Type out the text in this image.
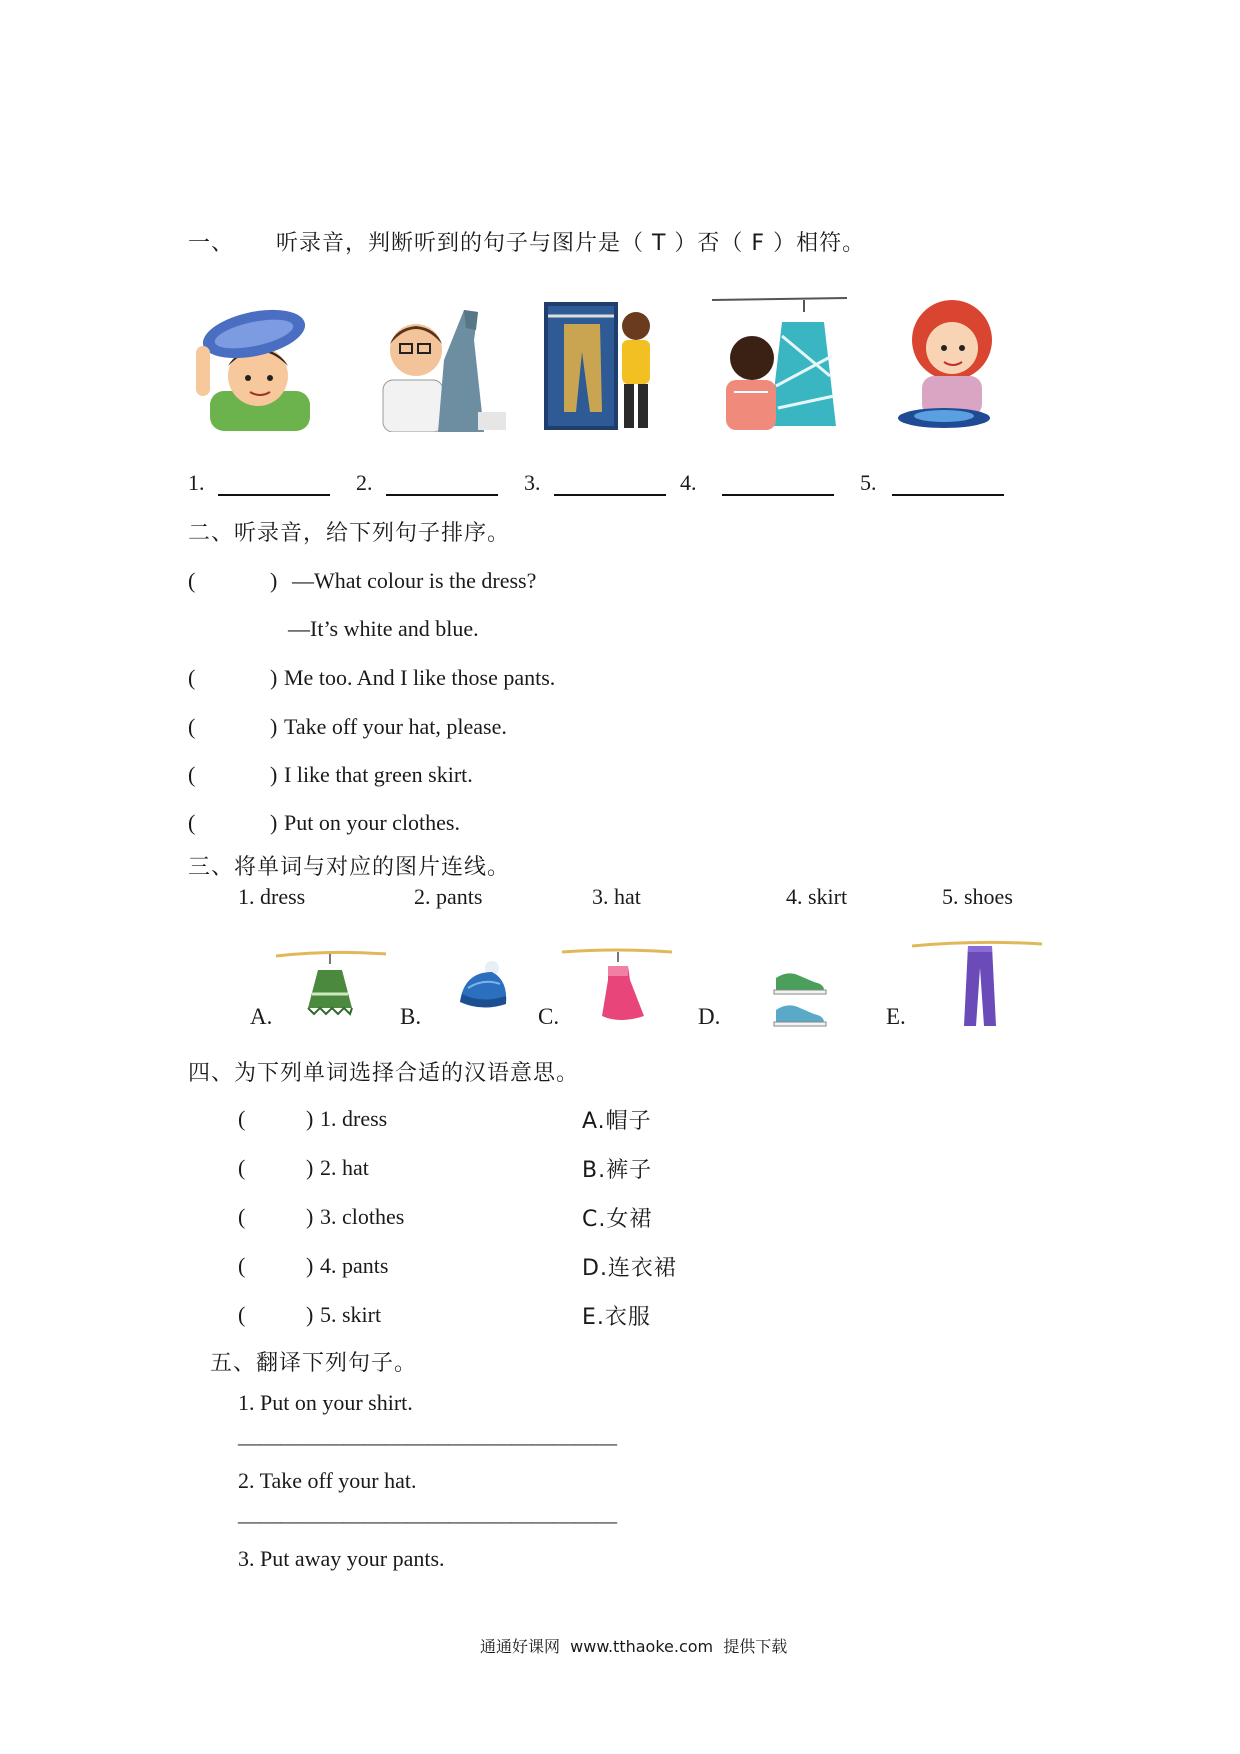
一、 听录音，判断听到的句子与图片是（ T ）否（ F ）相符。
1.	2.	3.	4.	5.
二、听录音，给下列句子排序。
(	) —What colour is the dress?
—It’s white and blue.
(	) Me too. And I like those pants.
(	) Take off your hat, please.
(	) I like that green skirt.
(	) Put on your clothes.
三、将单词与对应的图片连线。
1. dress	2. pants	3. hat	4. skirt	5. shoes
A.	B.	C.	D.	E.
四、为下列单词选择合适的汉语意思。
(	) 1. dress	A.帽子
(	) 2. hat	B.裤子
(	) 3. clothes	C.女裙
(	) 4. pants	D.连衣裙
(	) 5. skirt	E.衣服
五、翻译下列句子。
1. Put on your shirt.
——————————————————
2. Take off your hat.
——————————————————
3. Put away your pants.
通通好课网  www.tthaoke.com  提供下载
